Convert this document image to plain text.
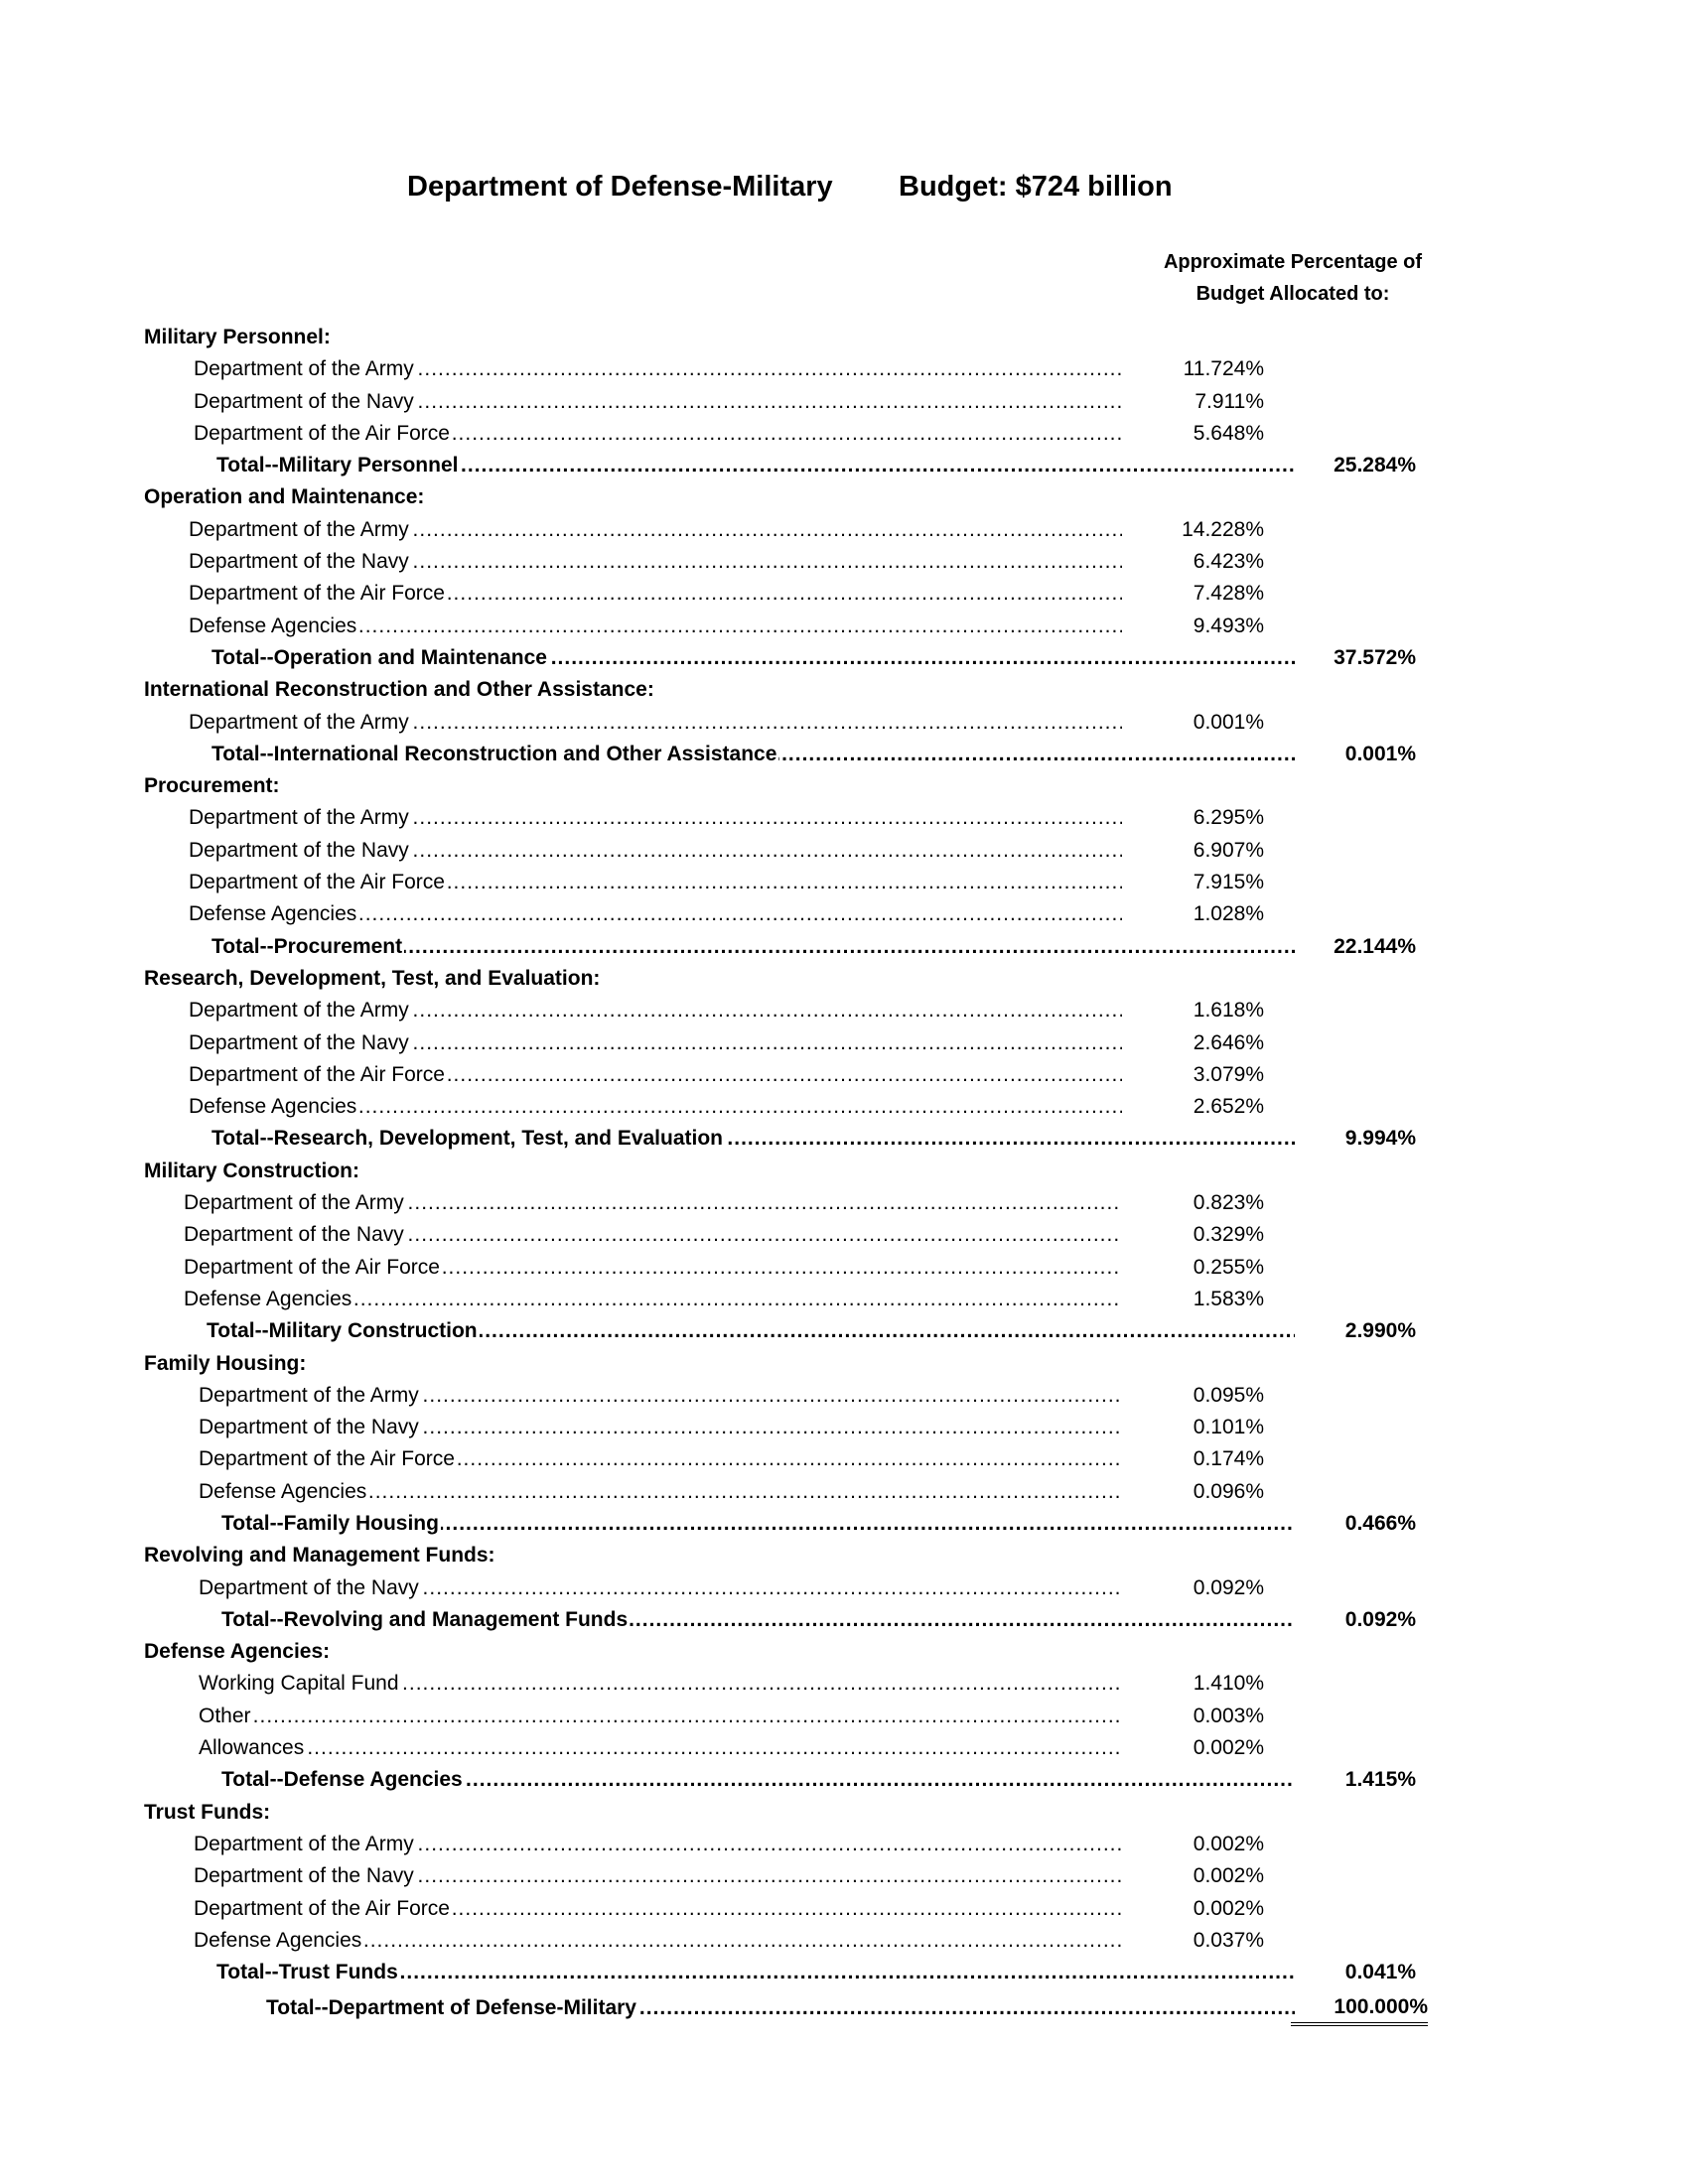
Department of Defense-Military Budget: $724 billion
Approximate Percentage of
Budget Allocated to:
Military Personnel:
Department of the Army .....	11.724%
Department of the Navy .....	7.911%
Department of the Air Force .....	5.648%
Total--Military Personnel .....	25.284%
Operation and Maintenance:
Department of the Army .....	14.228%
Department of the Navy .....	6.423%
Department of the Air Force .....	7.428%
Defense Agencies .....	9.493%
Total--Operation and Maintenance .....	37.572%
International Reconstruction and Other Assistance:
Department of the Army .....	0.001%
Total--International Reconstruction and Other Assistance .....	0.001%
Procurement:
Department of the Army .....	6.295%
Department of the Navy .....	6.907%
Department of the Air Force .....	7.915%
Defense Agencies .....	1.028%
Total--Procurement .....	22.144%
Research, Development, Test, and Evaluation:
Department of the Army .....	1.618%
Department of the Navy .....	2.646%
Department of the Air Force .....	3.079%
Defense Agencies .....	2.652%
Total--Research, Development, Test, and Evaluation .....	9.994%
Military Construction:
Department of the Army .....	0.823%
Department of the Navy .....	0.329%
Department of the Air Force .....	0.255%
Defense Agencies .....	1.583%
Total--Military Construction .....	2.990%
Family Housing:
Department of the Army .....	0.095%
Department of the Navy .....	0.101%
Department of the Air Force .....	0.174%
Defense Agencies .....	0.096%
Total--Family Housing .....	0.466%
Revolving and Management Funds:
Department of the Navy .....	0.092%
Total--Revolving and Management Funds .....	0.092%
Defense Agencies:
Working Capital Fund .....	1.410%
Other .....	0.003%
Allowances .....	0.002%
Total--Defense Agencies .....	1.415%
Trust Funds:
Department of the Army .....	0.002%
Department of the Navy .....	0.002%
Department of the Air Force .....	0.002%
Defense Agencies .....	0.037%
Total--Trust Funds .....	0.041%
Total--Department of Defense-Military .....	100.000%
